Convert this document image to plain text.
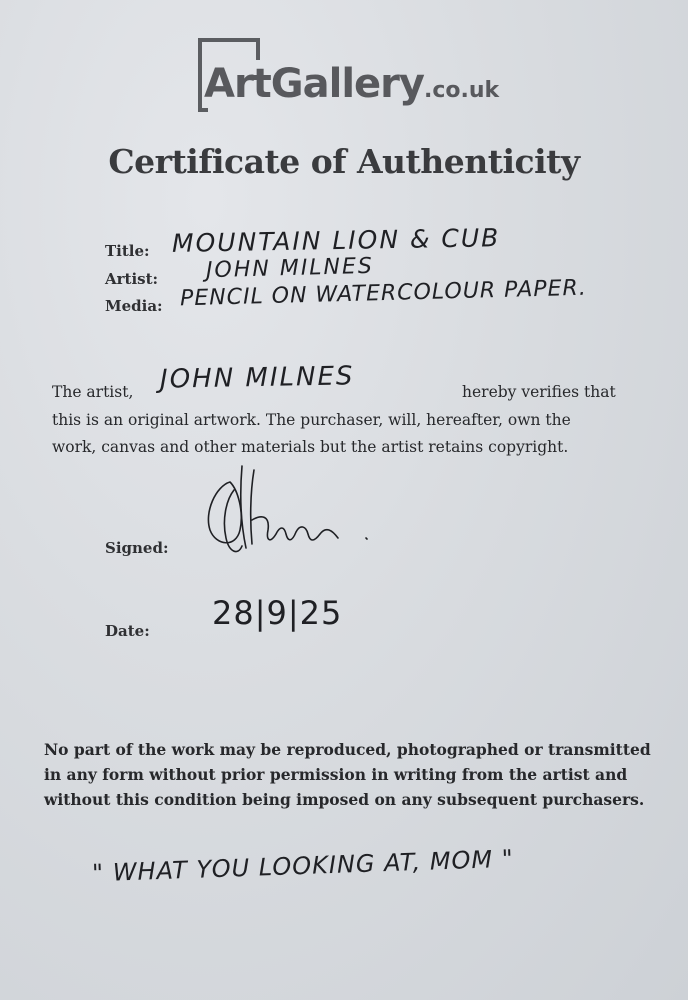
ArtGallery.co.uk
Certificate of Authenticity
Title: MOUNTAIN LION & CUB
Artist: JOHN MILNES
Media: PENCIL ON WATERCOLOUR PAPER.
The artist, JOHN MILNES	hereby verifies that
this is an original artwork. The purchaser, will, hereafter, own the
work, canvas and other materials but the artist retains copyright.
Signed:
Date: 28|9|25
No part of the work may be reproduced, photographed or transmitted
in any form without prior permission in writing from the artist and
without this condition being imposed on any subsequent purchasers.
" WHAT YOU LOOKING AT, MOM "
